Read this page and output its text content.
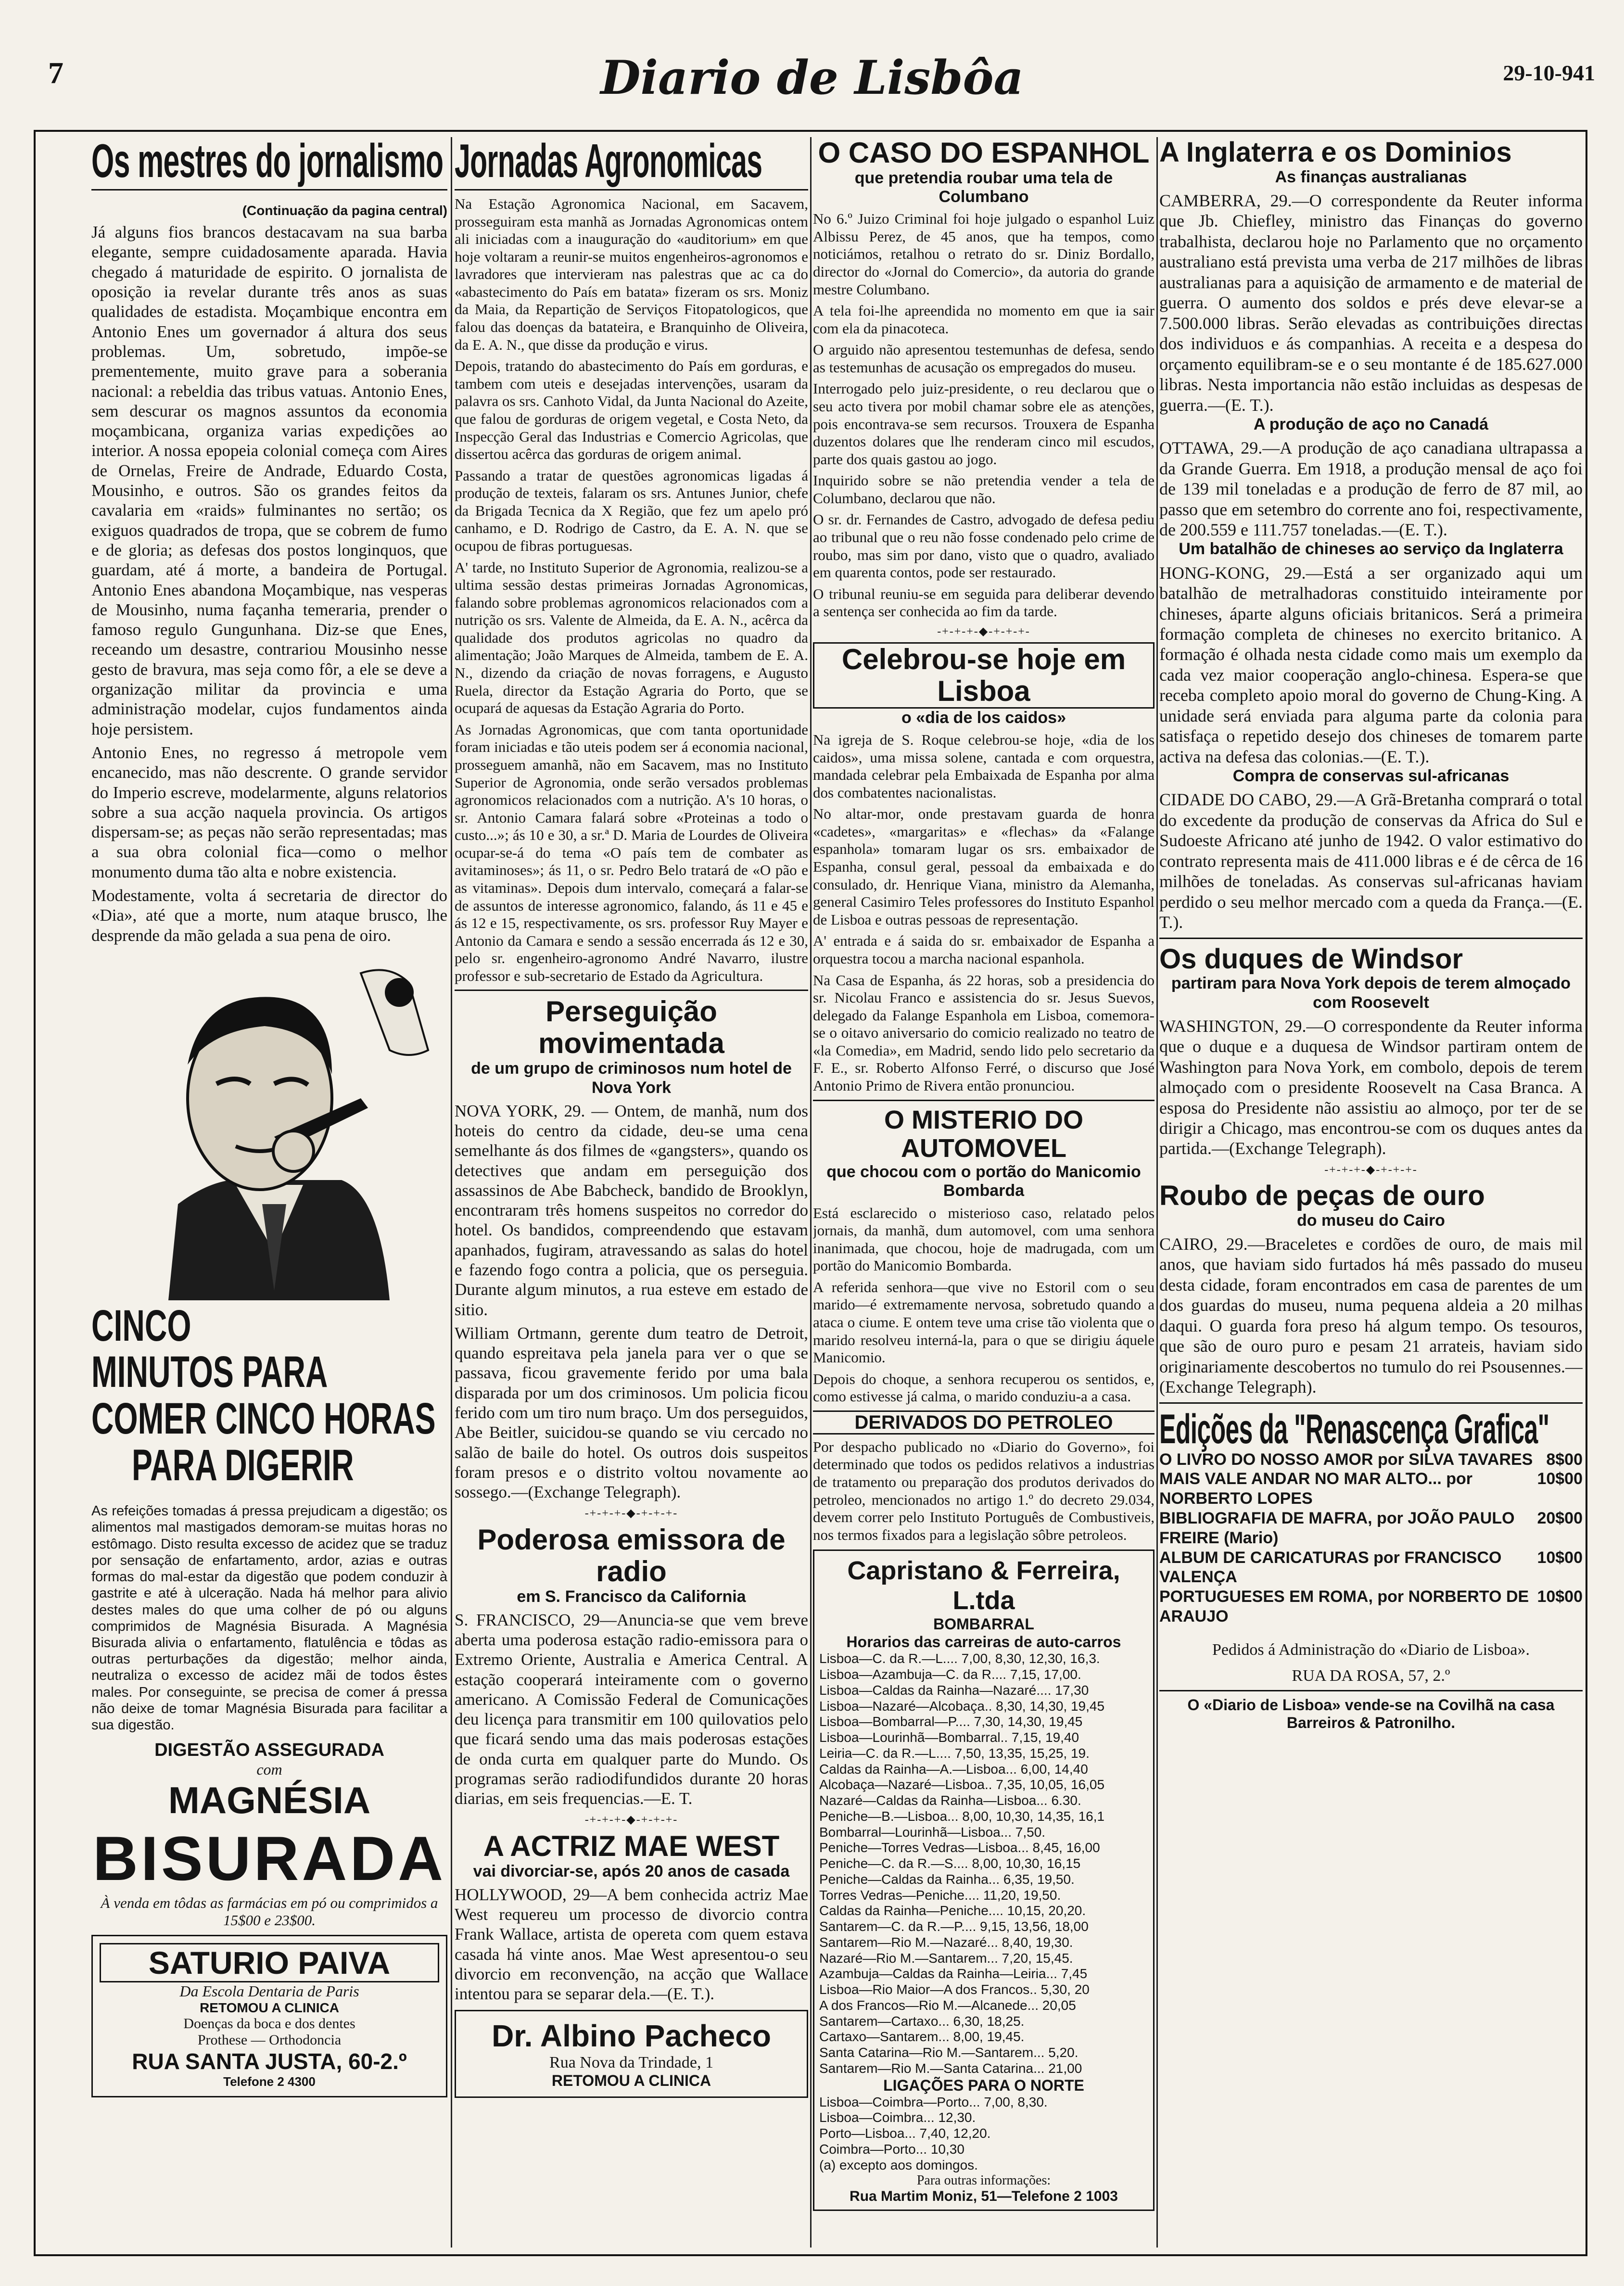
7	Diario de Lisbôa	29-10-941
Os mestres do jornalismo
(Continuação da pagina central)

Já alguns fios brancos destacavam na sua barba elegante, sempre cuidadosamente aparada. Havia chegado á maturidade de espirito. O jornalista de oposição ia revelar durante três anos as suas qualidades de estadista. Moçambique encontra em Antonio Enes um governador á altura dos seus problemas. Um, sobretudo, impõe-se prementemente, muito grave para a soberania nacional: a rebeldia das tribus vatuas. Antonio Enes, sem descurar os magnos assuntos da economia moçambicana, organiza varias expedições ao interior. A nossa epopeia colonial começa com Aires de Ornelas, Freire de Andrade, Eduardo Costa, Mousinho, e outros. São os grandes feitos da cavalaria em «raids» fulminantes no sertão; os exiguos quadrados de tropa, que se cobrem de fumo e de gloria; as defesas dos postos longinquos, que guardam, até á morte, a bandeira de Portugal. Antonio Enes abandona Moçambique, nas vesperas de Mousinho, numa façanha temeraria, prender o famoso regulo Gungunhana. Diz-se que Enes, receando um desastre, contrariou Mousinho nesse gesto de bravura, mas seja como fôr, a ele se deve a organização militar da provincia e uma administração modelar, cujos fundamentos ainda hoje persistem.

Antonio Enes, no regresso á metropole vem encanecido, mas não descrente. O grande servidor do Imperio escreve, modelarmente, alguns relatorios sobre a sua acção naquela provincia. Os artigos dispersam-se; as peças não serão representadas; mas a sua obra colonial fica—como o melhor monumento duma tão alta e nobre existencia.

Modestamente, volta á secretaria de director do «Dia», até que a morte, num ataque brusco, lhe desprende da mão gelada a sua pena de oiro.

CINCO
MINUTOS PARA
COMER CINCO HORAS
PARA DIGERIR

As refeições tomadas á pressa prejudicam a digestão; os alimentos mal mastigados demoram-se muitas horas no estômago. Disto resulta excesso de acidez que se traduz por sensação de enfartamento, ardor, azias e outras formas do mal-estar da digestão que podem conduzir à gastrite e até à ulceração. Nada há melhor para alivio destes males do que uma colher de pó ou alguns comprimidos de Magnésia Bisurada. A Magnésia Bisurada alivia o enfartamento, flatulência e tôdas as outras perturbações da digestão; melhor ainda, neutraliza o excesso de acidez mãi de todos êstes males. Por conseguinte, se precisa de comer á pressa não deixe de tomar Magnésia Bisurada para facilitar a sua digestão.

DIGESTÃO ASSEGURADA
com
MAGNÉSIA
BISURADA
À venda em tôdas as farmácias em pó ou comprimidos a 15$00 e 23$00.
SATURIO PAIVA
Da Escola Dentaria de Paris
RETOMOU A CLINICA
Doenças da boca e dos dentes
Prothese — Orthodoncia
RUA SANTA JUSTA, 60-2.º
Telefone 2 4300
Jornadas Agronomicas

Na Estação Agronomica Nacional, em Sacavem, prosseguiram esta manhã as Jornadas Agronomicas ontem ali iniciadas com a inauguração do «auditorium» em que hoje voltaram a reunir-se muitos engenheiros-agronomos e lavradores que intervieram nas palestras que ac ca do «abastecimento do País em batata» fizeram os srs. Moniz da Maia, da Repartição de Serviços Fitopatologicos, que falou das doenças da batateira, e Branquinho de Oliveira, da E. A. N., que disse da produção e virus.

Depois, tratando do abastecimento do País em gorduras, e tambem com uteis e desejadas intervenções, usaram da palavra os srs. Canhoto Vidal, da Junta Nacional do Azeite, que falou de gorduras de origem vegetal, e Costa Neto, da Inspecção Geral das Industrias e Comercio Agricolas, que dissertou acêrca das gorduras de origem animal.

Passando a tratar de questões agronomicas ligadas á produção de texteis, falaram os srs. Antunes Junior, chefe da Brigada Tecnica da X Região, que fez um apelo pró canhamo, e D. Rodrigo de Castro, da E. A. N. que se ocupou de fibras portuguesas.

A' tarde, no Instituto Superior de Agronomia, realizou-se a ultima sessão destas primeiras Jornadas Agronomicas, falando sobre problemas agronomicos relacionados com a nutrição os srs. Valente de Almeida, da E. A. N., acêrca da qualidade dos produtos agricolas no quadro da alimentação; João Marques de Almeida, tambem de E. A. N., dizendo da criação de novas forragens, e Augusto Ruela, director da Estação Agraria do Porto, que se ocupará de aquesas da Estação Agraria do Porto.

As Jornadas Agronomicas, que com tanta oportunidade foram iniciadas e tão uteis podem ser á economia nacional, prosseguem amanhã, não em Sacavem, mas no Instituto Superior de Agronomia, onde serão versados problemas agronomicos relacionados com a nutrição. A's 10 horas, o sr. Antonio Camara falará sobre «Proteinas a todo o custo...»; ás 10 e 30, a sr.ª D. Maria de Lourdes de Oliveira ocupar-se-á do tema «O país tem de combater as avitaminoses»; ás 11, o sr. Pedro Belo tratará de «O pão e as vitaminas». Depois dum intervalo, começará a falar-se de assuntos de interesse agronomico, falando, ás 11 e 45 e ás 12 e 15, respectivamente, os srs. professor Ruy Mayer e Antonio da Camara e sendo a sessão encerrada ás 12 e 30, pelo sr. engenheiro-agronomo André Navarro, ilustre professor e sub-secretario de Estado da Agricultura.

Perseguição movimentada
de um grupo de criminosos num hotel de Nova York

NOVA YORK, 29. — Ontem, de manhã, num dos hoteis do centro da cidade, deu-se uma cena semelhante ás dos filmes de «gangsters», quando os detectives que andam em perseguição dos assassinos de Abe Babcheck, bandido de Brooklyn, encontraram três homens suspeitos no corredor do hotel. Os bandidos, compreendendo que estavam apanhados, fugiram, atravessando as salas do hotel e fazendo fogo contra a policia, que os perseguia. Durante algum minutos, a rua esteve em estado de sitio.

William Ortmann, gerente dum teatro de Detroit, quando espreitava pela janela para ver o que se passava, ficou gravemente ferido por uma bala disparada por um dos criminosos. Um policia ficou ferido com um tiro num braço. Um dos perseguidos, Abe Beitler, suicidou-se quando se viu cercado no salão de baile do hotel. Os outros dois suspeitos foram presos e o distrito voltou novamente ao sossego.—(Exchange Telegraph).

-+-+-+-◆-+-+-+-
Poderosa emissora de radio
em S. Francisco da California

S. FRANCISCO, 29—Anuncia-se que vem breve aberta uma poderosa estação radio-emissora para o Extremo Oriente, Australia e America Central. A estação cooperará inteiramente com o governo americano. A Comissão Federal de Comunicações deu licença para transmitir em 100 quilovatios pelo que ficará sendo uma das mais poderosas estações de onda curta em qualquer parte do Mundo. Os programas serão radiodifundidos durante 20 horas diarias, em seis frequencias.—E. T.

-+-+-+-◆-+-+-+-
A ACTRIZ MAE WEST
vai divorciar-se, após 20 anos de casada

HOLLYWOOD, 29—A bem conhecida actriz Mae West requereu um processo de divorcio contra Frank Wallace, artista de opereta com quem estava casada há vinte anos. Mae West apresentou-o seu divorcio em reconvenção, na acção que Wallace intentou para se separar dela.—(E. T.).

Dr. Albino Pacheco
Rua Nova da Trindade, 1
RETOMOU A CLINICA
O CASO DO ESPANHOL
que pretendia roubar uma tela de Columbano

No 6.º Juizo Criminal foi hoje julgado o espanhol Luiz Albissu Perez, de 45 anos, que ha tempos, como noticiámos, retalhou o retrato do sr. Diniz Bordallo, director do «Jornal do Comercio», da autoria do grande mestre Columbano.

A tela foi-lhe apreendida no momento em que ia sair com ela da pinacoteca.

O arguido não apresentou testemunhas de defesa, sendo as testemunhas de acusação os empregados do museu.

Interrogado pelo juiz-presidente, o reu declarou que o seu acto tivera por mobil chamar sobre ele as atenções, pois encontrava-se sem recursos. Trouxera de Espanha duzentos dolares que lhe renderam cinco mil escudos, parte dos quais gastou ao jogo.

Inquirido sobre se não pretendia vender a tela de Columbano, declarou que não.

O sr. dr. Fernandes de Castro, advogado de defesa pediu ao tribunal que o reu não fosse condenado pelo crime de roubo, mas sim por dano, visto que o quadro, avaliado em quarenta contos, pode ser restaurado.

O tribunal reuniu-se em seguida para deliberar devendo a sentença ser conhecida ao fim da tarde.

-+-+-+-◆-+-+-+-
Celebrou-se hoje em Lisboa
o «dia de los caidos»

Na igreja de S. Roque celebrou-se hoje, «dia de los caidos», uma missa solene, cantada e com orquestra, mandada celebrar pela Embaixada de Espanha por alma dos combatentes nacionalistas.

No altar-mor, onde prestavam guarda de honra «cadetes», «margaritas» e «flechas» da «Falange espanhola» tomaram lugar os srs. embaixador de Espanha, consul geral, pessoal da embaixada e do consulado, dr. Henrique Viana, ministro da Alemanha, general Casimiro Teles professores do Instituto Espanhol de Lisboa e outras pessoas de representação.

A' entrada e á saida do sr. embaixador de Espanha a orquestra tocou a marcha nacional espanhola.

Na Casa de Espanha, ás 22 horas, sob a presidencia do sr. Nicolau Franco e assistencia do sr. Jesus Suevos, delegado da Falange Espanhola em Lisboa, comemora-se o oitavo aniversario do comicio realizado no teatro de «la Comedia», em Madrid, sendo lido pelo secretario da F. E., sr. Roberto Alfonso Ferré, o discurso que José Antonio Primo de Rivera então pronunciou.

O MISTERIO DO AUTOMOVEL
que chocou com o portão do Manicomio Bombarda

Está esclarecido o misterioso caso, relatado pelos jornais, da manhã, dum automovel, com uma senhora inanimada, que chocou, hoje de madrugada, com um portão do Manicomio Bombarda.

A referida senhora—que vive no Estoril com o seu marido—é extremamente nervosa, sobretudo quando a ataca o ciume. E ontem teve uma crise tão violenta que o marido resolveu interná-la, para o que se dirigiu áquele Manicomio.

Depois do choque, a senhora recuperou os sentidos, e, como estivesse já calma, o marido conduziu-a a casa.

DERIVADOS DO PETROLEO

Por despacho publicado no «Diario do Governo», foi determinado que todos os pedidos relativos a industrias de tratamento ou preparação dos produtos derivados do petroleo, mencionados no artigo 1.º do decreto 29.034, devem correr pelo Instituto Português de Combustiveis, nos termos fixados para a legislação sôbre petroleos.

Capristano & Ferreira, L.tda
BOMBARRAL
Horarios das carreiras de auto-carros
Lisboa—C. da R.—L.... 7,00, 8,30, 12,30, 16,3.
Lisboa—Azambuja—C. da R.... 7,15, 17,00.
Lisboa—Caldas da Rainha—Nazaré.... 17,30
Lisboa—Nazaré—Alcobaça.. 8,30, 14,30, 19,45
Lisboa—Bombarral—P.... 7,30, 14,30, 19,45
Lisboa—Lourinhã—Bombarral.. 7,15, 19,40
Leiria—C. da R.—L.... 7,50, 13,35, 15,25, 19.
Caldas da Rainha—A.—Lisboa... 6,00, 14,40
Alcobaça—Nazaré—Lisboa.. 7,35, 10,05, 16,05
Nazaré—Caldas da Rainha—Lisboa... 6.30.
Peniche—B.—Lisboa... 8,00, 10,30, 14,35, 16,1
Bombarral—Lourinhã—Lisboa... 7,50.
Peniche—Torres Vedras—Lisboa... 8,45, 16,00
Peniche—C. da R.—S.... 8,00, 10,30, 16,15
Peniche—Caldas da Rainha... 6,35, 19,50.
Torres Vedras—Peniche.... 11,20, 19,50.
Caldas da Rainha—Peniche.... 10,15, 20,20.
Santarem—C. da R.—P.... 9,15, 13,56, 18,00
Santarem—Rio M.—Nazaré... 8,40, 19,30.
Nazaré—Rio M.—Santarem... 7,20, 15,45.
Azambuja—Caldas da Rainha—Leiria... 7,45
Lisboa—Rio Maior—A dos Francos.. 5,30, 20
A dos Francos—Rio M.—Alcanede... 20,05
Santarem—Cartaxo... 6,30, 18,25.
Cartaxo—Santarem... 8,00, 19,45.
Santa Catarina—Rio M.—Santarem... 5,20.
Santarem—Rio M.—Santa Catarina... 21,00
LIGAÇÕES PARA O NORTE
Lisboa—Coimbra—Porto... 7,00, 8,30.
Lisboa—Coimbra... 12,30.
Porto—Lisboa... 7,40, 12,20.
Coimbra—Porto... 10,30
(a) excepto aos domingos.
Para outras informações:
Rua Martim Moniz, 51—Telefone 2 1003
A Inglaterra e os Dominios
As finanças australianas

CAMBERRA, 29.—O correspondente da Reuter informa que Jb. Chiefley, ministro das Finanças do governo trabalhista, declarou hoje no Parlamento que no orçamento australiano está prevista uma verba de 217 milhões de libras australianas para a aquisição de armamento e de material de guerra. O aumento dos soldos e prés deve elevar-se a 7.500.000 libras. Serão elevadas as contribuições directas dos individuos e ás companhias. A receita e a despesa do orçamento equilibram-se e o seu montante é de 185.627.000 libras. Nesta importancia não estão incluidas as despesas de guerra.—(E. T.).

A produção de aço no Canadá

OTTAWA, 29.—A produção de aço canadiana ultrapassa a da Grande Guerra. Em 1918, a produção mensal de aço foi de 139 mil toneladas e a produção de ferro de 87 mil, ao passo que em setembro do corrente ano foi, respectivamente, de 200.559 e 111.757 toneladas.—(E. T.).

Um batalhão de chineses ao serviço da Inglaterra

HONG-KONG, 29.—Está a ser organizado aqui um batalhão de metralhadoras constituido inteiramente por chineses, áparte alguns oficiais britanicos. Será a primeira formação completa de chineses no exercito britanico. A formação é olhada nesta cidade como mais um exemplo da cada vez maior cooperação anglo-chinesa. Espera-se que receba completo apoio moral do governo de Chung-King. A unidade será enviada para alguma parte da colonia para satisfaça o repetido desejo dos chineses de tomarem parte activa na defesa das colonias.—(E. T.).

Compra de conservas sul-africanas

CIDADE DO CABO, 29.—A Grã-Bretanha comprará o total do excedente da produção de conservas da Africa do Sul e Sudoeste Africano até junho de 1942. O valor estimativo do contrato representa mais de 411.000 libras e é de cêrca de 16 milhões de toneladas. As conservas sul-africanas haviam perdido o seu melhor mercado com a queda da França.—(E. T.).

Os duques de Windsor
partiram para Nova York depois de terem almoçado com Roosevelt

WASHINGTON, 29.—O correspondente da Reuter informa que o duque e a duquesa de Windsor partiram ontem de Washington para Nova York, em combolo, depois de terem almoçado com o presidente Roosevelt na Casa Branca. A esposa do Presidente não assistiu ao almoço, por ter de se dirigir a Chicago, mas encontrou-se com os duques antes da partida.—(Exchange Telegraph).

-+-+-+-◆-+-+-+-
Roubo de peças de ouro
do museu do Cairo

CAIRO, 29.—Braceletes e cordões de ouro, de mais mil anos, que haviam sido furtados há mês passado do museu desta cidade, foram encontrados em casa de parentes de um dos guardas do museu, numa pequena aldeia a 20 milhas daqui. O guarda fora preso há algum tempo. Os tesouros, que são de ouro puro e pesam 21 arrateis, haviam sido originariamente descobertos no tumulo do rei Psousennes.—(Exchange Telegraph).

Edições da "Renascença Grafica"
O LIVRO DO NOSSO AMOR por SILVA TAVARES 8$00
MAIS VALE ANDAR NO MAR ALTO... por NORBERTO LOPES
10$00
BIBLIOGRAFIA DE MAFRA, por JOÃO PAULO FREIRE (Mario)
20$00
ALBUM DE CARICATURAS por FRANCISCO VALENÇA
10$00
PORTUGUESES EM ROMA, por NORBERTO DE ARAUJO
10$00
Pedidos á Administração do «Diario de Lisboa».
RUA DA ROSA, 57, 2.º
O «Diario de Lisboa» vende-se na Covilhã na casa Barreiros & Patronilho.
